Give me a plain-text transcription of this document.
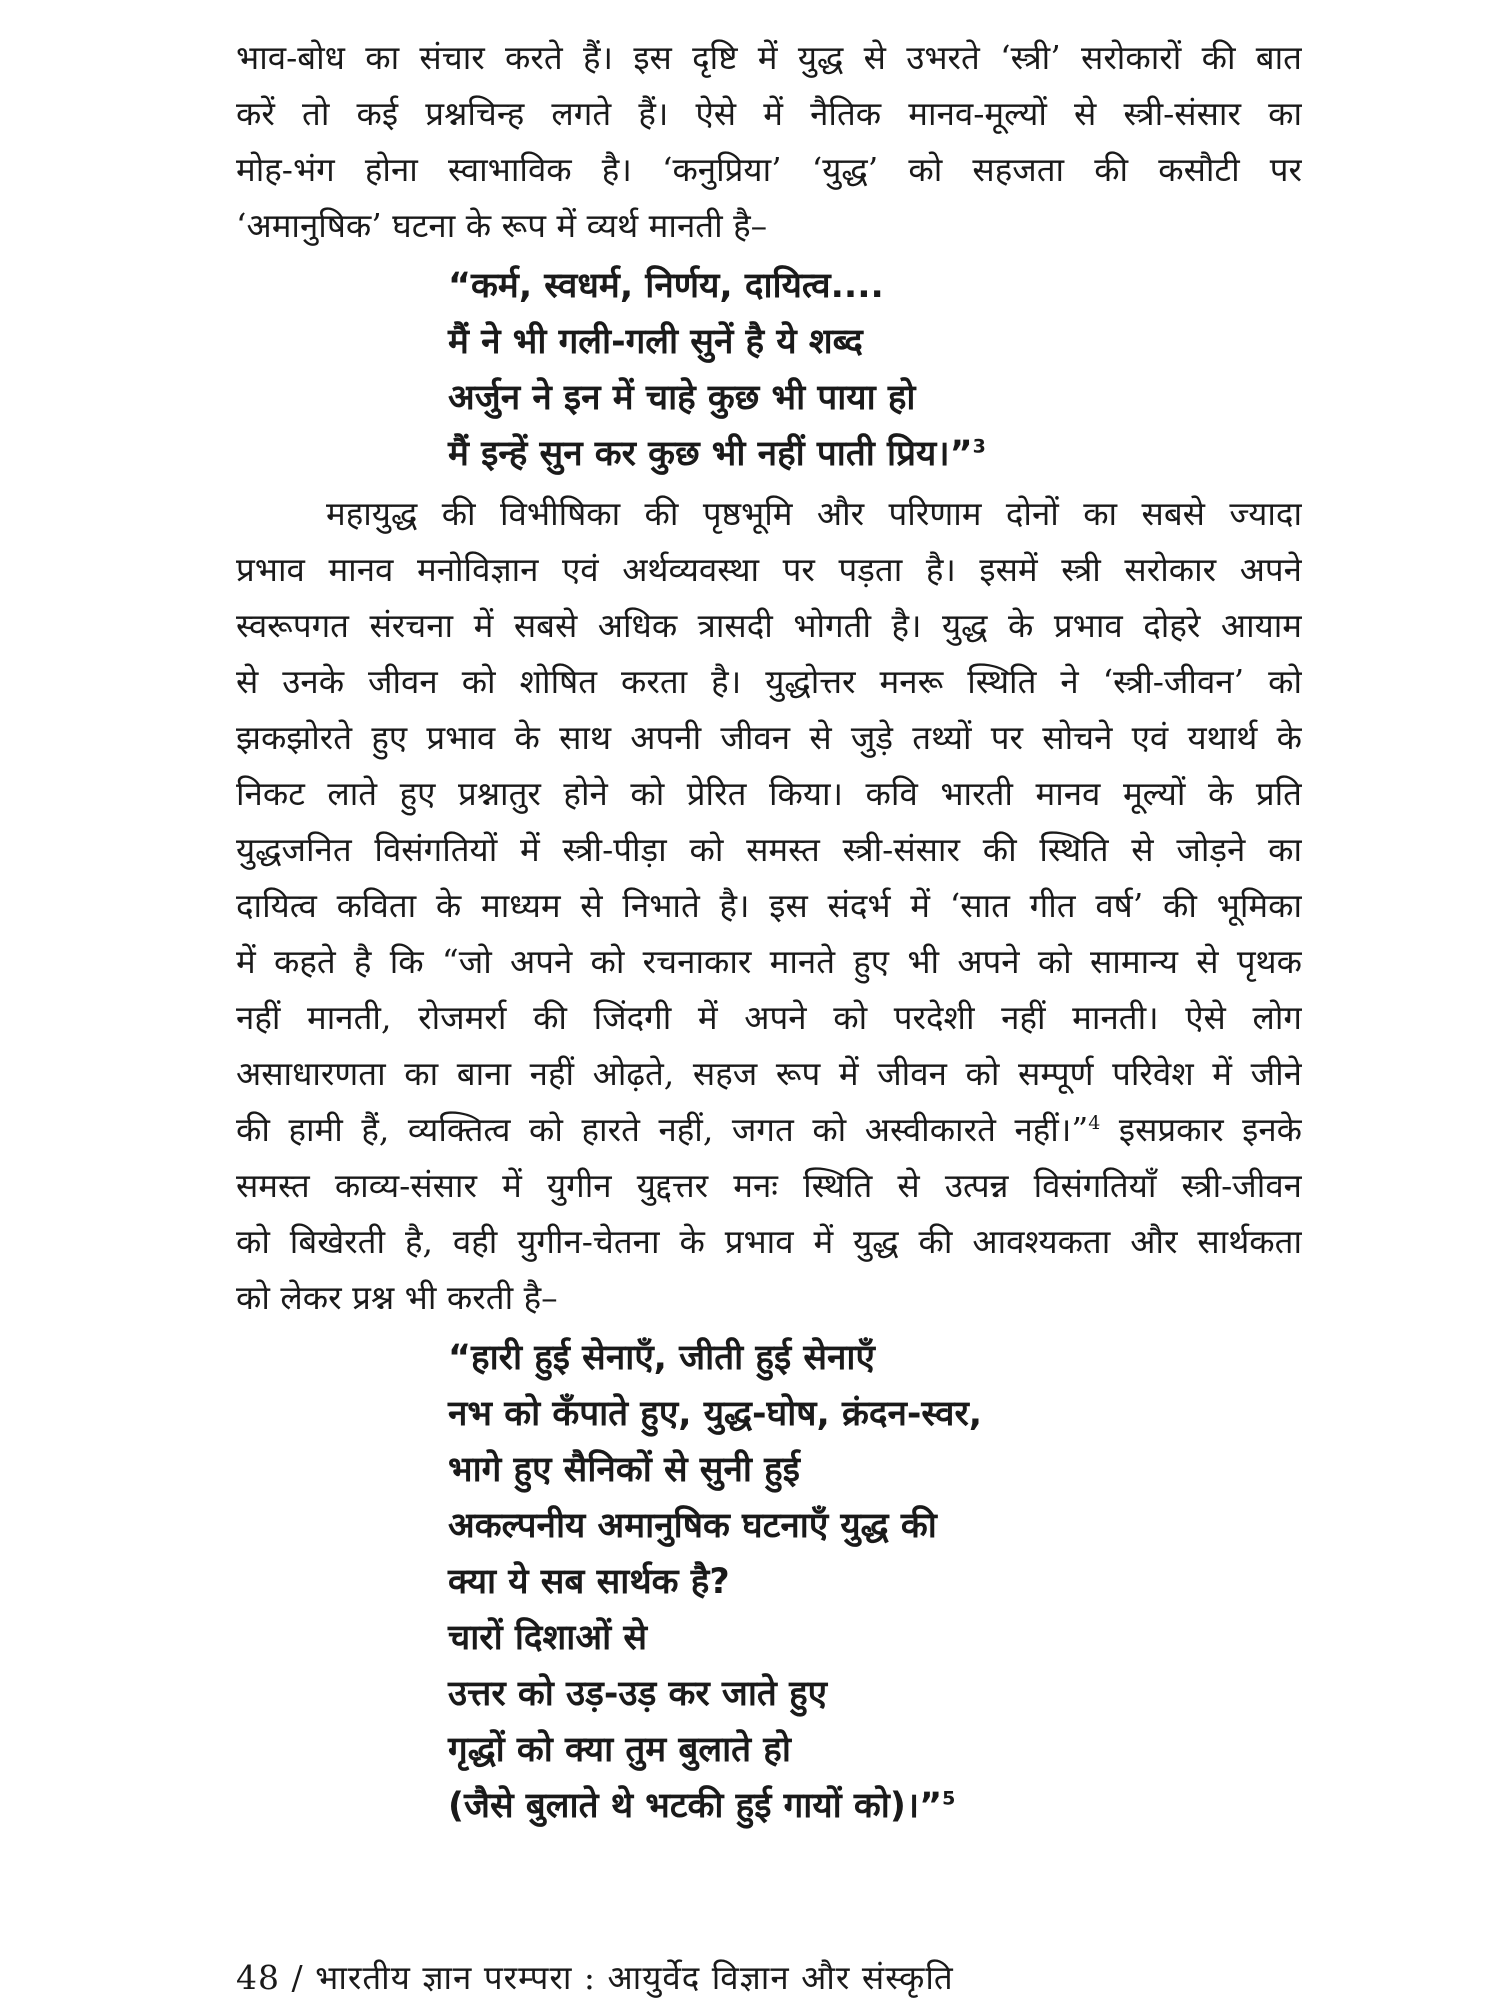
भाव-बोध का संचार करते हैं। इस दृष्टि में युद्ध से उभरते ‘स्त्री’ सरोकारों की बात
करें तो कई प्रश्नचिन्ह लगते हैं। ऐसे में नैतिक मानव-मूल्यों से स्त्री-संसार का
मोह-भंग होना स्वाभाविक है। ‘कनुप्रिया’ ‘युद्ध’ को सहजता की कसौटी पर
‘अमानुषिक’ घटना के रूप में व्यर्थ मानती है–
“कर्म, स्वधर्म, निर्णय, दायित्व....
मैं ने भी गली-गली सुनें है ये शब्द
अर्जुन ने इन में चाहे कुछ भी पाया हो
मैं इन्हें सुन कर कुछ भी नहीं पाती प्रिय।”$^3$
महायुद्ध की विभीषिका की पृष्ठभूमि और परिणाम दोनों का सबसे ज्यादा
प्रभाव मानव मनोविज्ञान एवं अर्थव्यवस्था पर पड़ता है। इसमें स्त्री सरोकार अपने
स्वरूपगत संरचना में सबसे अधिक त्रासदी भोगती है। युद्ध के प्रभाव दोहरे आयाम
से उनके जीवन को शोषित करता है। युद्धोत्तर मनरू स्थिति ने ‘स्त्री-जीवन’ को
झकझोरते हुए प्रभाव के साथ अपनी जीवन से जुड़े तथ्यों पर सोचने एवं यथार्थ के
निकट लाते हुए प्रश्नातुर होने को प्रेरित किया। कवि भारती मानव मूल्यों के प्रति
युद्धजनित विसंगतियों में स्त्री-पीड़ा को समस्त स्त्री-संसार की स्थिति से जोड़ने का
दायित्व कविता के माध्यम से निभाते है। इस संदर्भ में ‘सात गीत वर्ष’ की भूमिका
में कहते है कि “जो अपने को रचनाकार मानते हुए भी अपने को सामान्य से पृथक
नहीं मानती, रोजमर्रा की जिंदगी में अपने को परदेशी नहीं मानती। ऐसे लोग
असाधारणता का बाना नहीं ओढ़ते, सहज रूप में जीवन को सम्पूर्ण परिवेश में जीने
की हामी हैं, व्यक्तित्व को हारते नहीं, जगत को अस्वीकारते नहीं।”$^4$ इसप्रकार इनके
समस्त काव्य-संसार में युगीन युद्दत्तर मनः स्थिति से उत्पन्न विसंगतियाँ स्त्री-जीवन
को बिखेरती है, वही युगीन-चेतना के प्रभाव में युद्ध की आवश्यकता और सार्थकता
को लेकर प्रश्न भी करती है–
“हारी हुई सेनाएँ, जीती हुई सेनाएँ
नभ को कँपाते हुए, युद्ध-घोष, क्रंदन-स्वर,
भागे हुए सैनिकों से सुनी हुई
अकल्पनीय अमानुषिक घटनाएँ युद्ध की
क्या ये सब सार्थक है?
चारों दिशाओं से
उत्तर को उड़-उड़ कर जाते हुए
गृद्धों को क्या तुम बुलाते हो
(जैसे बुलाते थे भटकी हुई गायों को)।”$^5$
48 / भारतीय ज्ञान परम्परा : आयुर्वेद विज्ञान और संस्कृति
